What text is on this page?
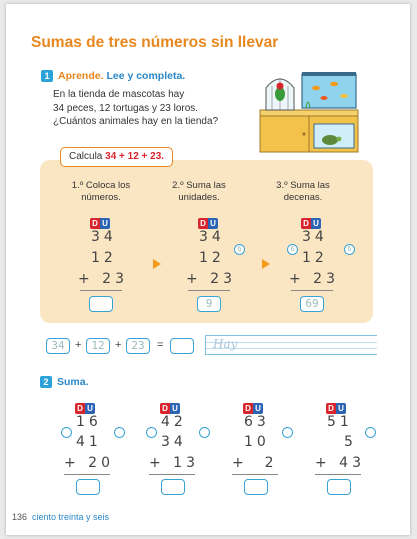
Sumas de tres números sin llevar
1 Aprende. Lee y completa.
En la tienda de mascotas hay
34 peces, 12 tortugas y 23 loros.
¿Cuántos animales hay en la tienda?
Calcula 34 + 12 + 23.
1.º Coloca los
números.
D U
34
12
+ 23
2.º Suma las
unidades.
D U
34
12
+ 23
6
9
3.º Suma las
decenas.
D U
34
12
+ 23
6	6
69
34 + 12 + 23	=	Hay
2 Suma.
D U
16
41
+ 20
D U
42
34
+ 13
D U
63
10
+  2
D U
51
5
+ 43
136 ciento treinta y seis
